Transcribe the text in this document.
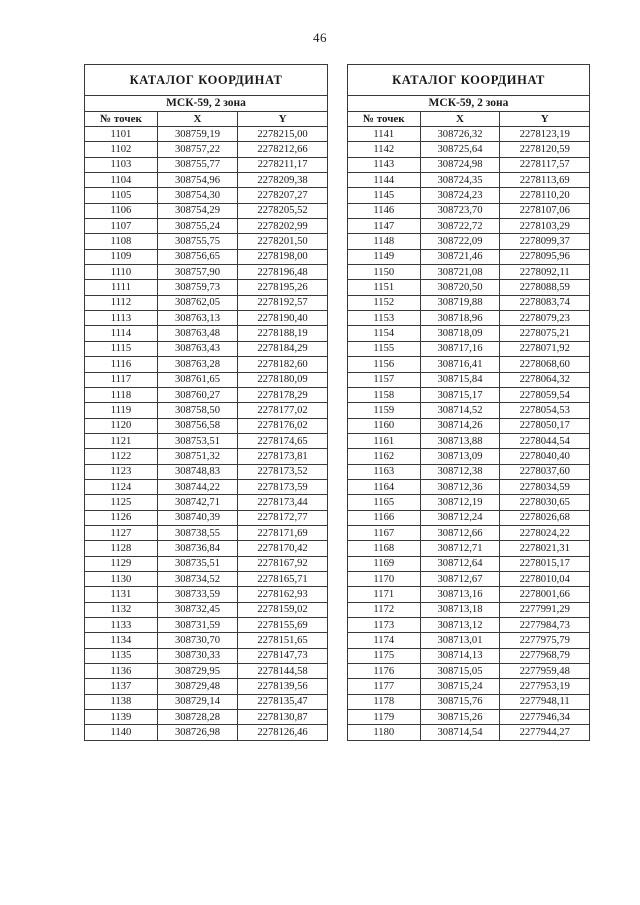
46
КАТАЛОГ КООРДИНАТ		
МСК-59, 2 зона		
№ точек	X	Y
1101	308759,19	2278215,00
1102	308757,22	2278212,66
1103	308755,77	2278211,17
1104	308754,96	2278209,38
1105	308754,30	2278207,27
1106	308754,29	2278205,52
1107	308755,24	2278202,99
1108	308755,75	2278201,50
1109	308756,65	2278198,00
1110	308757,90	2278196,48
1111	308759,73	2278195,26
1112	308762,05	2278192,57
1113	308763,13	2278190,40
1114	308763,48	2278188,19
1115	308763,43	2278184,29
1116	308763,28	2278182,60
1117	308761,65	2278180,09
1118	308760,27	2278178,29
1119	308758,50	2278177,02
1120	308756,58	2278176,02
1121	308753,51	2278174,65
1122	308751,32	2278173,81
1123	308748,83	2278173,52
1124	308744,22	2278173,59
1125	308742,71	2278173,44
1126	308740,39	2278172,77
1127	308738,55	2278171,69
1128	308736,84	2278170,42
1129	308735,51	2278167,92
1130	308734,52	2278165,71
1131	308733,59	2278162,93
1132	308732,45	2278159,02
1133	308731,59	2278155,69
1134	308730,70	2278151,65
1135	308730,33	2278147,73
1136	308729,95	2278144,58
1137	308729,48	2278139,56
1138	308729,14	2278135,47
1139	308728,28	2278130,87
1140	308726,98	2278126,46
КАТАЛОГ КООРДИНАТ		
МСК-59, 2 зона		
№ точек	X	Y
1141	308726,32	2278123,19
1142	308725,64	2278120,59
1143	308724,98	2278117,57
1144	308724,35	2278113,69
1145	308724,23	2278110,20
1146	308723,70	2278107,06
1147	308722,72	2278103,29
1148	308722,09	2278099,37
1149	308721,46	2278095,96
1150	308721,08	2278092,11
1151	308720,50	2278088,59
1152	308719,88	2278083,74
1153	308718,96	2278079,23
1154	308718,09	2278075,21
1155	308717,16	2278071,92
1156	308716,41	2278068,60
1157	308715,84	2278064,32
1158	308715,17	2278059,54
1159	308714,52	2278054,53
1160	308714,26	2278050,17
1161	308713,88	2278044,54
1162	308713,09	2278040,40
1163	308712,38	2278037,60
1164	308712,36	2278034,59
1165	308712,19	2278030,65
1166	308712,24	2278026,68
1167	308712,66	2278024,22
1168	308712,71	2278021,31
1169	308712,64	2278015,17
1170	308712,67	2278010,04
1171	308713,16	2278001,66
1172	308713,18	2277991,29
1173	308713,12	2277984,73
1174	308713,01	2277975,79
1175	308714,13	2277968,79
1176	308715,05	2277959,48
1177	308715,24	2277953,19
1178	308715,76	2277948,11
1179	308715,26	2277946,34
1180	308714,54	2277944,27
